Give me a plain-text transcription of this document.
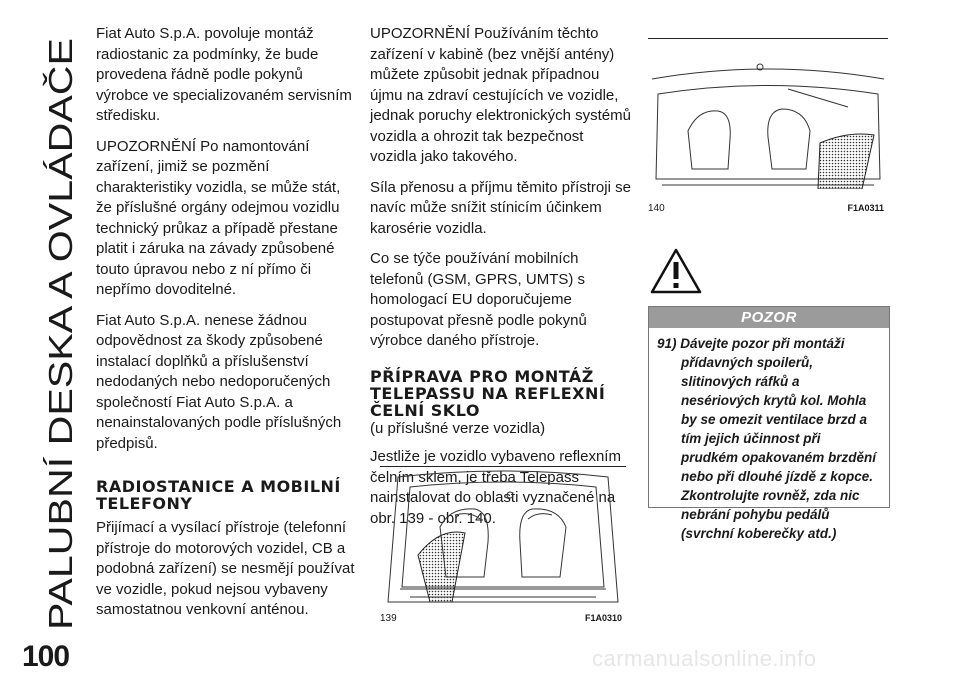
PALUBNÍ DESKA A OVLÁDAČE
100

Fiat Auto S.p.A. povoluje montáž radiostanic za podmínky, že bude provedena řádně podle pokynů výrobce ve specializovaném servisním středisku.

UPOZORNĚNÍ Po namontování zařízení, jimiž se pozmění charakteristiky vozidla, se může stát, že příslušné orgány odejmou vozidlu technický průkaz a případě přestane platit i záruka na závady způsobené touto úpravou nebo z ní přímo či nepřímo dovoditelné.

Fiat Auto S.p.A. nenese žádnou odpovědnost za škody způsobené instalací doplňků a příslušenství nedodaných nebo nedoporučených společností Fiat Auto S.p.A. a nenainstalovaných podle příslušných předpisů.

RADIOSTANICE A MOBILNÍ TELEFONY

Přijímací a vysílací přístroje (telefonní přístroje do motorových vozidel, CB a podobná zařízení) se nesmějí používat ve vozidle, pokud nejsou vybaveny samostatnou venkovní anténou.

UPOZORNĚNÍ Používáním těchto zařízení v kabině (bez vnější antény) můžete způsobit jednak případnou újmu na zdraví cestujících ve vozidle, jednak poruchy elektronických systémů vozidla a ohrozit tak bezpečnost vozidla jako takového.

Síla přenosu a příjmu těmito přístroji se navíc může snížit stínicím účinkem karosérie vozidla.

Co se týče používání mobilních telefonů (GSM, GPRS, UMTS) s homologací EU doporučujeme postupovat přesně podle pokynů výrobce daného přístroje.

PŘÍPRAVA PRO MONTÁŽ TELEPASSU NA REFLEXNÍ ČELNÍ SKLO

(u příslušné verze vozidla)

Jestliže je vozidlo vybaveno reflexním čelním sklem, je třeba Telepass nainstalovat do oblasti vyznačené na obr. 139 - obr. 140.

139	F1A0310
140	F1A0311
POZOR
91) Dávejte pozor při montáži přídavných spoilerů, slitinových ráfků a nesériových krytů kol. Mohla by se omezit ventilace brzd a tím jejich účinnost při prudkém opakovaném brzdění nebo při dlouhé jízdě z kopce. Zkontrolujte rovněž, zda nic nebrání pohybu pedálů (svrchní koberečky atd.)
carmanualsonline.info
